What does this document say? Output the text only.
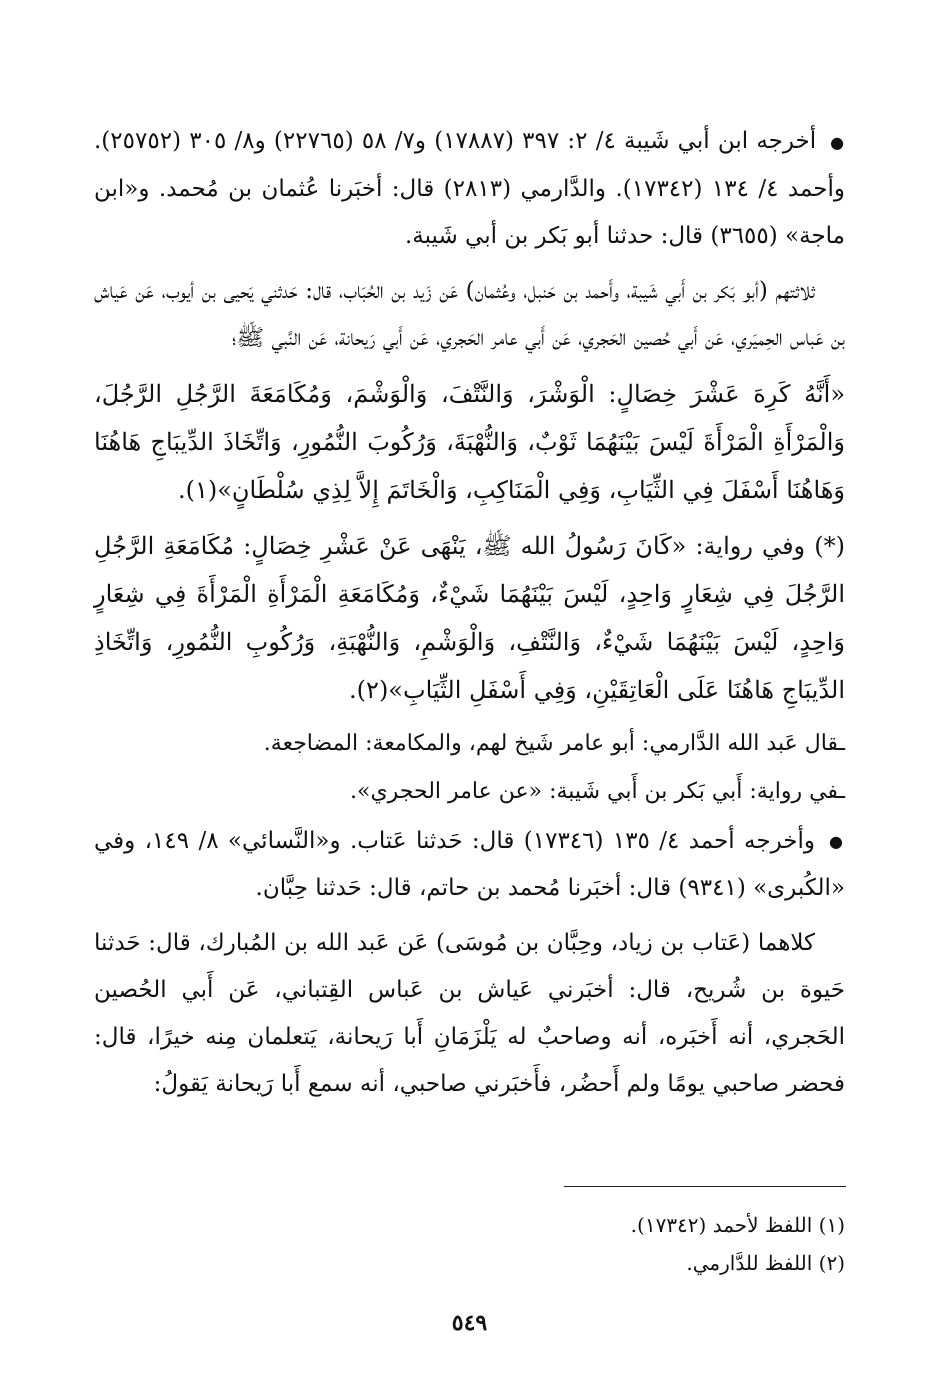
● أخرجه ابن أبي شَيبة ٤/ ٢: ٣٩٧ (١٧٨٨٧) و٧/ ٥٨ (٢٢٧٦٥) و٨/ ٣٠٥ (٢٥٧٥٢). وأحمد ٤/ ١٣٤ (١٧٣٤٢). والدَّارمي (٢٨١٣) قال: أخبَرنا عُثمان بن مُحمد. و«ابن ماجة» (٣٦٥٥) قال: حدثنا أبو بَكر بن أبي شَيبة.

ثلاثتهم (أبو بَكر بن أَبي شَيبة، وأَحمد بن حَنبل، وعُثمان) عَن زَيد بن الحُبَاب، قال: حَدثني يَحيى بن أيوب، عَن عَياش بن عَباس الحِميَري، عَن أَبي حُصين الحَجري، عَن أَبي عامر الحَجري، عَن أَبي رَيحانة، عَن النَّبي ﷺ؛

«أَنَّهُ كَرِهَ عَشْرَ خِصَالٍ: الْوَشْرَ، وَالنَّتْفَ، وَالْوَشْمَ، وَمُكَامَعَةَ الرَّجُلِ الرَّجُلَ، وَالْمَرْأَةِ الْمَرْأَةَ لَيْسَ بَيْنَهُمَا ثَوْبٌ، وَالنُّهْبَةَ، وَرُكُوبَ النُّمُورِ، وَاتِّخَاذَ الدِّيبَاجِ هَاهُنَا وَهَاهُنَا أَسْفَلَ فِي الثِّيَابِ، وَفِي الْمَنَاكِبِ، وَالْخَاتَمَ إِلاَّ لِذِي سُلْطَانٍ»(١).

(*) وفي رواية: «كَانَ رَسُولُ الله ﷺ، يَنْهَى عَنْ عَشْرِ خِصَالٍ: مُكَامَعَةِ الرَّجُلِ الرَّجُلَ فِي شِعَارٍ وَاحِدٍ، لَيْسَ بَيْنَهُمَا شَيْءٌ، وَمُكَامَعَةِ الْمَرْأَةِ الْمَرْأَةَ فِي شِعَارٍ وَاحِدٍ، لَيْسَ بَيْنَهُمَا شَيْءٌ، وَالنَّتْفِ، وَالْوَشْمِ، وَالنُّهْبَةِ، وَرُكُوبِ النُّمُورِ، وَاتِّخَاذِ الدِّيبَاجِ هَاهُنَا عَلَى الْعَاتِقَيْنِ، وَفِي أَسْفَلِ الثِّيَابِ»(٢).

ـ قال عَبد الله الدَّارمي: أبو عامر شَيخ لهم، والمكامعة: المضاجعة.

ـ في رواية: أَبي بَكر بن أَبي شَيبة: «عن عامر الحجري».

● وأخرجه أحمد ٤/ ١٣٥ (١٧٣٤٦) قال: حَدثنا عَتاب. و«النَّسائي» ٨/ ١٤٩، وفي «الكُبرى» (٩٣٤١) قال: أخبَرنا مُحمد بن حاتم، قال: حَدثنا حِبَّان.

كلاهما (عَتاب بن زياد، وحِبَّان بن مُوسَى) عَن عَبد الله بن المُبارك، قال: حَدثنا حَيوة بن شُريح، قال: أخبَرني عَياش بن عَباس القِتباني، عَن أَبي الحُصين الحَجري، أنه أَخبَره، أنه وصاحبٌ له يَلْزَمَانِ أَبا رَيحانة، يَتعلمان مِنه خيرًا، قال: فحضر صاحبي يومًا ولم أَحضُر، فأَخبَرني صاحبي، أنه سمع أَبا رَيحانة يَقولُ:

(١) اللفظ لأحمد (١٧٣٤٢).

(٢) اللفظ للدَّارمي.

٥٤٩
